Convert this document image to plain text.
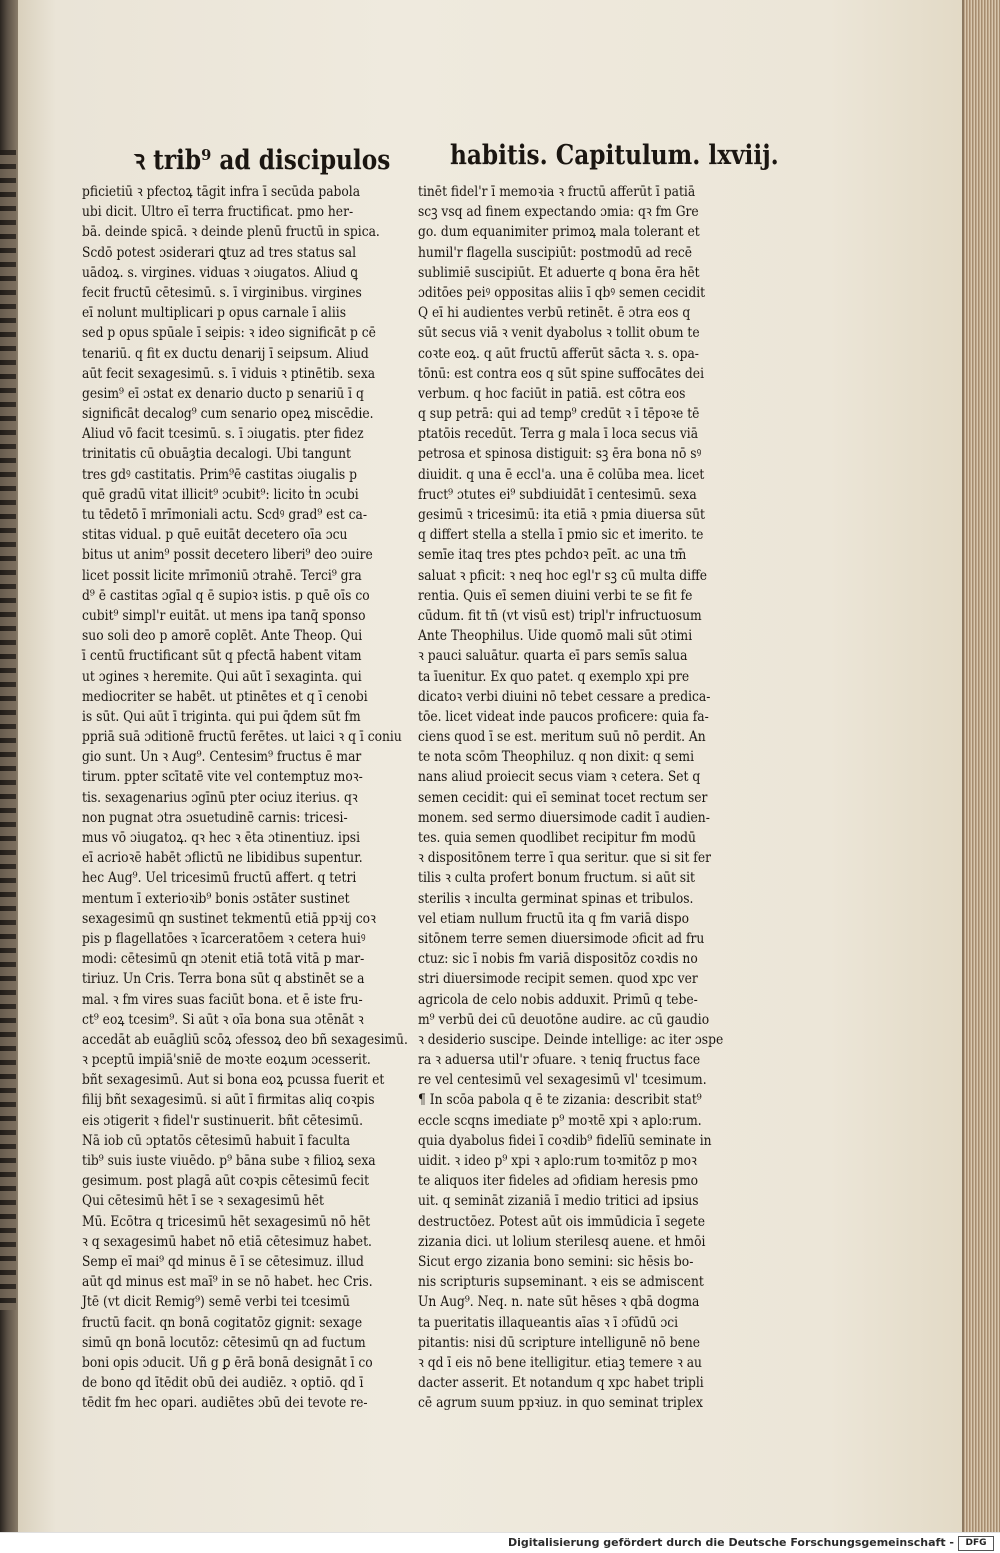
ꝛ trib⁹ ad discipulos habitis. Capitulum. lxviij.
pficietiū ꝛ pfectoꝝ tāgit infra ī secūda pabola
ubi dicit. Ultro eī terra fructificat. pmo her-
bā. deinde spicā. ꝛ deinde plenū fructū in spica.
Scdō potest ɔsiderari ꝗtuz ad tres status sal
uādoꝝ. s. virgines. viduas ꝛ ɔiugatos. Aliud ꝗ
fecit fructū cētesimū. s. ī virginibus. virgines
eī nolunt multiplicari p opus carnale ī aliis
sed p opus spūale ī seipis: ꝛ ideo significāt p cē
tenariū. q fit ex ductu denarij ī seipsum. Aliud
aūt fecit sexagesimū. s. ī viduis ꝛ ptinētib. sexa
gesim⁹ eī ɔstat ex denario ducto p senariū ī q
significāt decalog⁹ cum senario opeꝝ miscēdie.
Aliud vō facit tcesimū. s. ī ɔiugatis. pter fidez
trinitatis cū obuāȝtia decalogi. Ubi tangunt
tres gdꝰ castitatis. Prim⁹ē castitas ɔiugalis p
quē gradū vitat illicit⁹ ɔcubit⁹: licito ṫn ɔcubi
tu tēdetō ī mrīmoniali actu. Scdꝰ grad⁹ est ca-
stitas vidual. p quē euitāt decetero oīa ɔcu
bitus ut anim⁹ possit decetero liberi⁹ deo ↄuire
licet possit licite mrīmoniū ɔtrahē. Terci⁹ gra
d⁹ ē castitas ɔgīal q ē supioꝛ istis. p quē oīs co
cubit⁹ simpl'r euitāt. ut mens ipa tanq̄ sponso
suo soli deo p amorē coplēt. Ante Theop. Qui
ī centū fructificant sūt q pfectā habent vitam
ut ɔgines ꝛ heremite. Qui aūt ī sexaginta. qui
mediocriter se habēt. ut ptinētes et q ī cenobi
is sūt. Qui aūt ī triginta. qui pui q̄dem sūt fm
ppriā suā ɔditionē fructū ferētes. ut laici ꝛ q ī coniu
gio sunt. Un ꝛ Aug⁹. Centesim⁹ fructus ē mar
tirum. ppter scītatē vite vel contemptuz moꝛ-
tis. sexagenarius ɔgīnū pter ociuz iterius. qꝛ
non pugnat ɔtra ɔsuetudinē carnis: tricesi-
mus vō ɔiugatoꝝ. qꝛ hec ꝛ ēta ɔtinentiuz. ipsi
eī acrioꝛē habēt ɔflictū ne libidibus supentur.
hec Aug⁹. Uel tricesimū fructū affert. q tetri
mentum ī exterioꝛib⁹ bonis ɔstāter sustinet
sexagesimū qn sustinet tekmentū etiā ppꝛij coꝛ
pis p flagellatōes ꝛ īcarceratōem ꝛ cetera huiꝰ
modi: cētesimū qn ɔtenit etiā totā vitā p mar-
tiriuz. Un Cris. Terra bona sūt q abstinēt se a
mal. ꝛ fm vires suas faciūt bona. et ē iste fru-
ct⁹ eoꝝ tcesim⁹. Si aūt ꝛ oīa bona sua ɔtēnāt ꝛ
accedāt ab euāgliū scōꝝ ɔfessoꝝ deo bñ sexagesimū.
ꝛ pceptū impiā'sniē de moꝛte eoꝝum ɔcesserit.
bñt sexagesimū. Aut si bona eoꝝ pcussa fuerit et
filij bñt sexagesimū. si aūt ī firmitas aliq coꝛpis
eis ɔtigerit ꝛ fidel'r sustinuerit. bñt cētesimū.
Nā iob cū ɔptatōs cētesimū habuit ī faculta
tib⁹ suis iuste viuēdo. p⁹ bāna sube ꝛ filioꝝ sexa
gesimum. post plagā aūt coꝛpis cētesimū fecit
Qui cētesimū hēt ī se ꝛ sexagesimū hēt
Mū. Ecōtra q tricesimū hēt sexagesimū nō hēt
ꝛ q sexagesimū habet nō etiā cētesimuz habet.
Semp eī mai⁹ qd minus ē ī se cētesimuz. illud
aūt qd minus est maī⁹ in se nō habet. hec Cris.
Jtē (vt dicit Remig⁹) semē verbi tei tcesimū
fructū facit. qn bonā cogitatōz gignit: sexage
simū qn bonā locutōz: cētesimū qn ad fuctum
boni opis ɔducit. Uñ g ꝑ ērā bonā designāt ī co
de bono qd ītēdit obū dei audiēz. ꝛ optiō. qd ī
tēdit fm hec opari. audiētes ɔbū dei tevote re-
tinēt fidel'r ī memoꝛia ꝛ fructū afferūt ī patiā
scꝫ vsq ad finem expectando ɔmia: qꝛ fm Gre
go. dum equanimiter primoꝝ mala tolerant et
humil'r flagella suscipiūt: postmodū ad recē
sublimiē suscipiūt. Et aduerte q bona ēra hēt
ɔditōes peiꝰ oppositas aliis ī qbꝰ semen cecidit
Q eī hi audientes verbū retinēt. ē ɔtra eos q
sūt secus viā ꝛ venit dyabolus ꝛ tollit obum te
coꝛte eoꝝ. q aūt fructū afferūt sācta ꝛ. s. opa-
tōnū: est contra eos q sūt spine suffocātes dei
verbum. q hoc faciūt in patiā. est cōtra eos
q sup petrā: qui ad temp⁹ credūt ꝛ ī tēpoꝛe tē
ptatōis recedūt. Terra g mala ī loca secus viā
petrosa et spinosa distiguit: sꝫ ēra bona nō sꝰ
diuidit. q una ē eccl'a. una ē colūba mea. licet
fruct⁹ ɔtutes ei⁹ subdiuidāt ī centesimū. sexa
gesimū ꝛ tricesimū: ita etiā ꝛ pmia diuersa sūt
q differt stella a stella ī pmio sic et imerito. te
semīe itaq tres ptes pchdoꝛ peīt. ac una tm̄
saluat ꝛ pficit: ꝛ neq hoc egl'r sꝫ cū multa diffe
rentia. Quis eī semen diuini verbi te se fit fe
cūdum. fit tn̄ (vt visū est) tripl'r infructuosum
Ante Theophilus. Uide quomō mali sūt ɔtimi
ꝛ pauci saluātur. quarta eī pars semīs salua
ta īuenitur. Ex quo patet. q exemplo xpi pre
dicatoꝛ verbi diuini nō tebet cessare a predica-
tōe. licet videat inde paucos proficere: quia fa-
ciens quod ī se est. meritum suū nō perdit. An
te nota scōm Theophiluz. q non dixit: q semi
nans aliud proiecit secus viam ꝛ cetera. Set q
semen cecidit: qui eī seminat tocet rectum ser
monem. sed sermo diuersimode cadit ī audien-
tes. quia semen quodlibet recipitur fm modū
ꝛ dispositōnem terre ī qua seritur. que si sit fer
tilis ꝛ culta profert bonum fructum. si aūt sit
sterilis ꝛ inculta germinat spinas et tribulos.
vel etiam nullum fructū ita q fm variā dispo
sitōnem terre semen diuersimode ɔficit ad fru
ctuz: sic ī nobis fm variā dispositōz coꝛdis no
stri diuersimode recipit semen. quod xpc ver
agricola de celo nobis adduxit. Primū q tebe-
m⁹ verbū dei cū deuotōne audire. ac cū gaudio
ꝛ desiderio suscipe. Deinde intellige: ac iter ɔspe
ra ꝛ aduersa util'r ɔfuare. ꝛ teniq fructus face
re vel centesimū vel sexagesimū vl' tcesimum.
¶ In scōa pabola q ē te zizania: describit stat⁹
eccle scqns imediate p⁹ moꝛtē xpi ꝛ aplo:rum.
quia dyabolus fidei ī coꝛdib⁹ fidelīū seminate in
uidit. ꝛ ideo p⁹ xpi ꝛ aplo:rum toꝛmitōz p moꝛ
te aliquos iter fideles ad ɔfidiam heresis pmo
uit. q semināt zizaniā ī medio tritici ad ipsius
destructōez. Potest aūt ois immūdicia ī segete
zizania dici. ut lolium sterilesq auene. et hmōi
Sicut ergo zizania bono semini: sic hēsis bo-
nis scripturis supseminant. ꝛ eis se admiscent
Un Aug⁹. Neq. n. nate sūt hēses ꝛ qbā dogma
ta pueritatis illaqueantis aīas ꝛ ī ɔfūdū ɔci
pitantis: nisi dū scripture intelligunē nō bene
ꝛ qd ī eis nō bene itelligitur. etiaꝫ temere ꝛ au
dacter asserit. Et notandum q xpc habet tripli
cē agrum suum ppꝛiuz. in quo seminat triplex
Digitalisierung gefördert durch die Deutsche Forschungsgemeinschaft -	DFG
